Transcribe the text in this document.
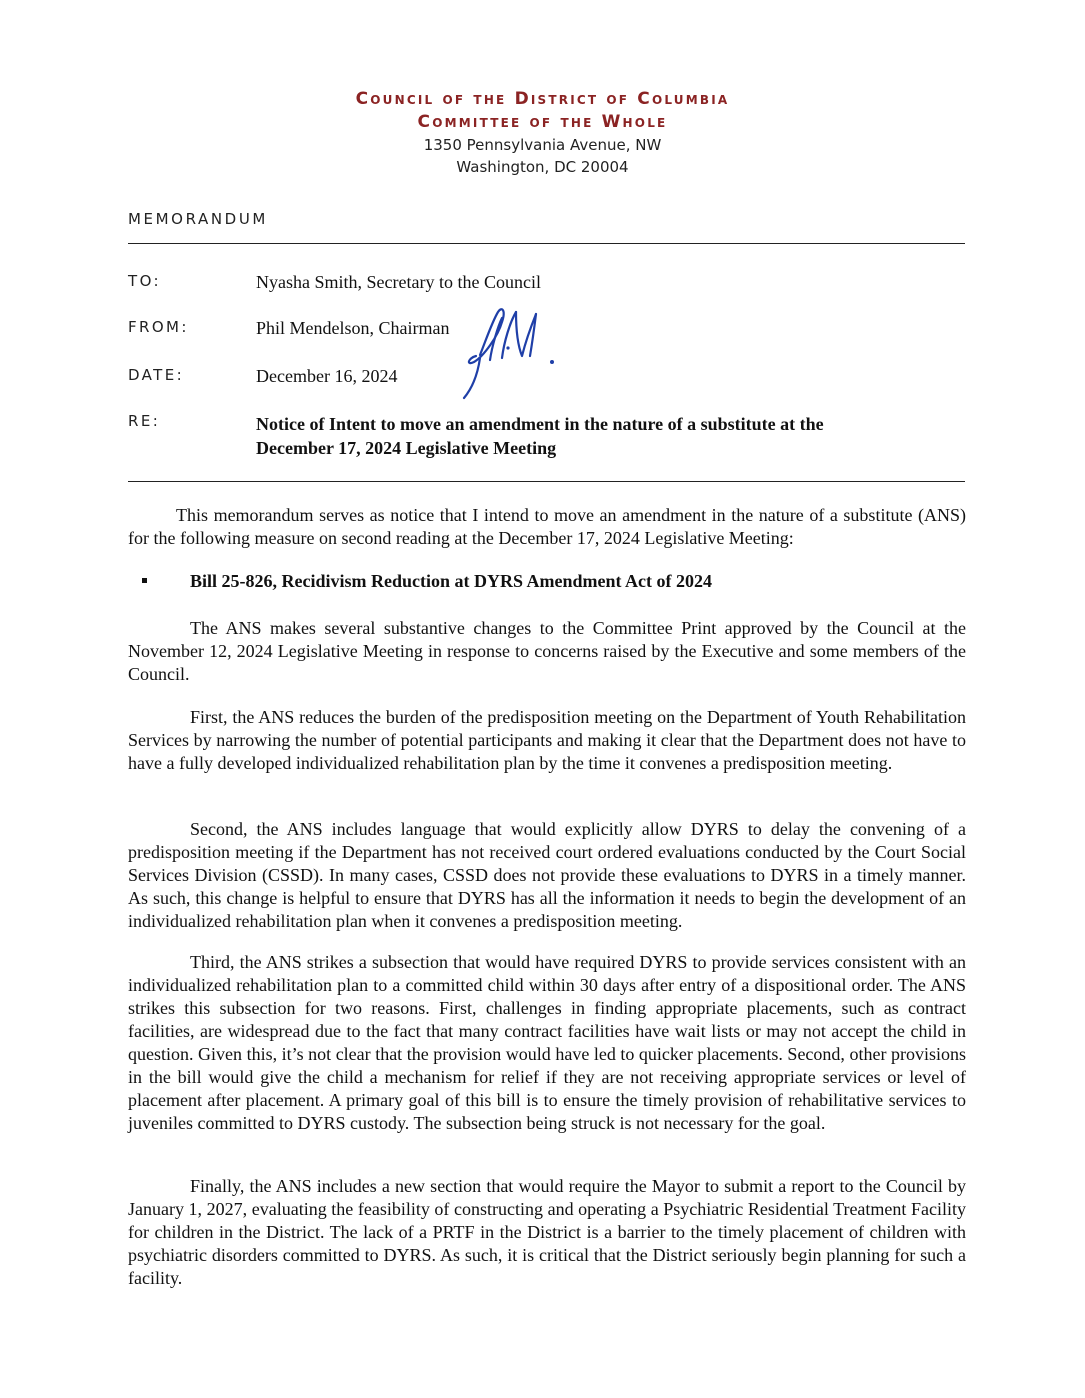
Council of the District of Columbia
Committee of the Whole
1350 Pennsylvania Avenue, NW
Washington, DC 20004
MEMORANDUM
TO:	Nyasha Smith, Secretary to the Council
FROM:	Phil Mendelson, Chairman
DATE:	December 16, 2024
RE:	Notice of Intent to move an amendment in the nature of a substitute at the
December 17, 2024 Legislative Meeting
This memorandum serves as notice that I intend to move an amendment in the nature of a substitute (ANS) for the following measure on second reading at the December 17, 2024 Legislative Meeting:
Bill 25-826, Recidivism Reduction at DYRS Amendment Act of 2024
The ANS makes several substantive changes to the Committee Print approved by the Council at the November 12, 2024 Legislative Meeting in response to concerns raised by the Executive and some members of the Council.
First, the ANS reduces the burden of the predisposition meeting on the Department of Youth Rehabilitation Services by narrowing the number of potential participants and making it clear that the Department does not have to have a fully developed individualized rehabilitation plan by the time it convenes a predisposition meeting.
Second, the ANS includes language that would explicitly allow DYRS to delay the convening of a predisposition meeting if the Department has not received court ordered evaluations conducted by the Court Social Services Division (CSSD). In many cases, CSSD does not provide these evaluations to DYRS in a timely manner. As such, this change is helpful to ensure that DYRS has all the information it needs to begin the development of an individualized rehabilitation plan when it convenes a predisposition meeting.
Third, the ANS strikes a subsection that would have required DYRS to provide services consistent with an individualized rehabilitation plan to a committed child within 30 days after entry of a dispositional order. The ANS strikes this subsection for two reasons. First, challenges in finding appropriate placements, such as contract facilities, are widespread due to the fact that many contract facilities have wait lists or may not accept the child in question. Given this, it’s not clear that the provision would have led to quicker placements. Second, other provisions in the bill would give the child a mechanism for relief if they are not receiving appropriate services or level of placement after placement. A primary goal of this bill is to ensure the timely provision of rehabilitative services to juveniles committed to DYRS custody. The subsection being struck is not necessary for the goal.
Finally, the ANS includes a new section that would require the Mayor to submit a report to the Council by January 1, 2027, evaluating the feasibility of constructing and operating a Psychiatric Residential Treatment Facility for children in the District. The lack of a PRTF in the District is a barrier to the timely placement of children with psychiatric disorders committed to DYRS. As such, it is critical that the District seriously begin planning for such a facility.
